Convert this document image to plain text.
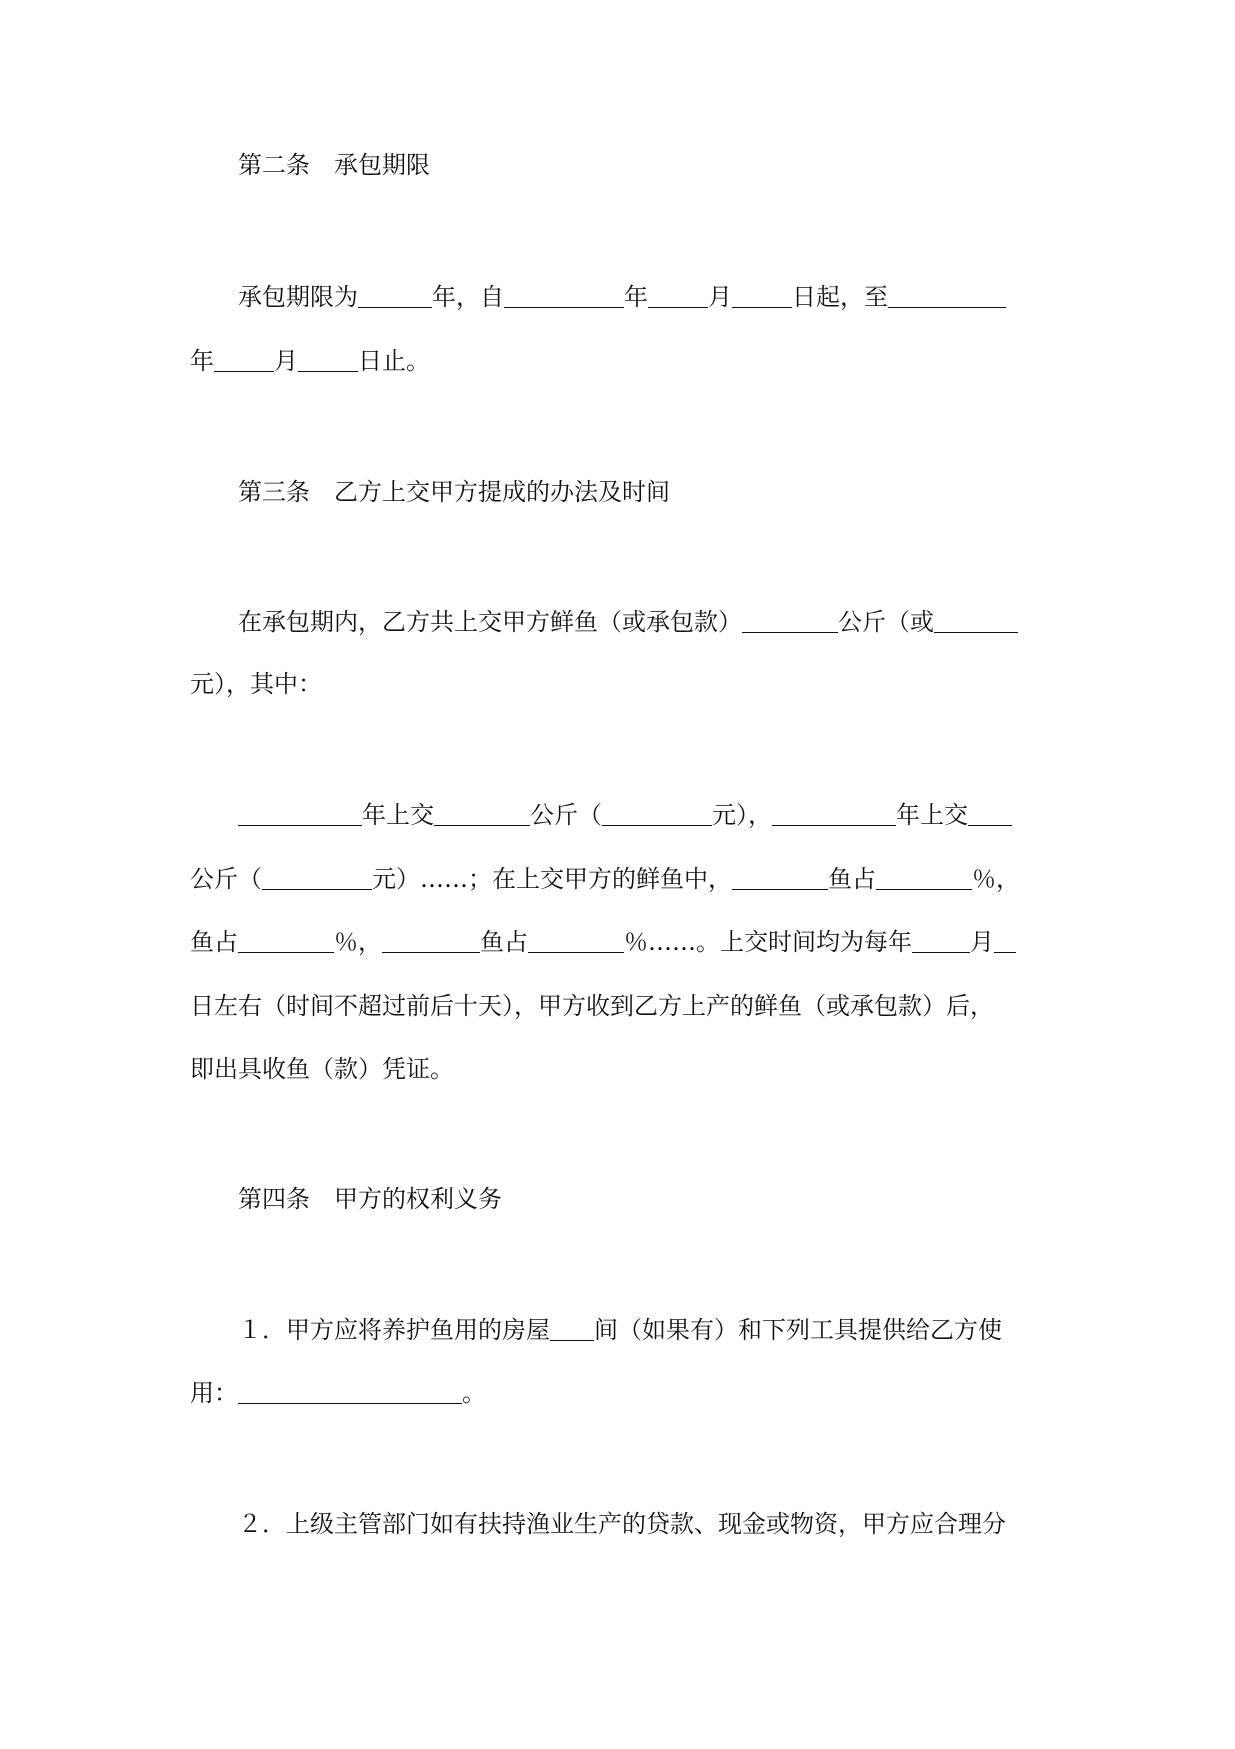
第二条　承包期限
承包期限为	年，自	年	月	日起，至
年	月	日止。
第三条　乙方上交甲方提成的办法及时间
在承包期内，乙方共上交甲方鲜鱼（或承包款）	公斤（或
元），其中：
年上交	公斤（	元），	年上交
公斤（	元）……；在上交甲方的鲜鱼中，	鱼占	％，
鱼占	％，	鱼占	％……。上交时间均为每年 月
日左右（时间不超过前后十天），甲方收到乙方上产的鲜鱼（或承包款）后，
即出具收鱼（款）凭证。
第四条　甲方的权利义务
１．甲方应将养护鱼用的房屋 间（如果有）和下列工具提供给乙方使
用：	。
２．上级主管部门如有扶持渔业生产的贷款、现金或物资，甲方应合理分
